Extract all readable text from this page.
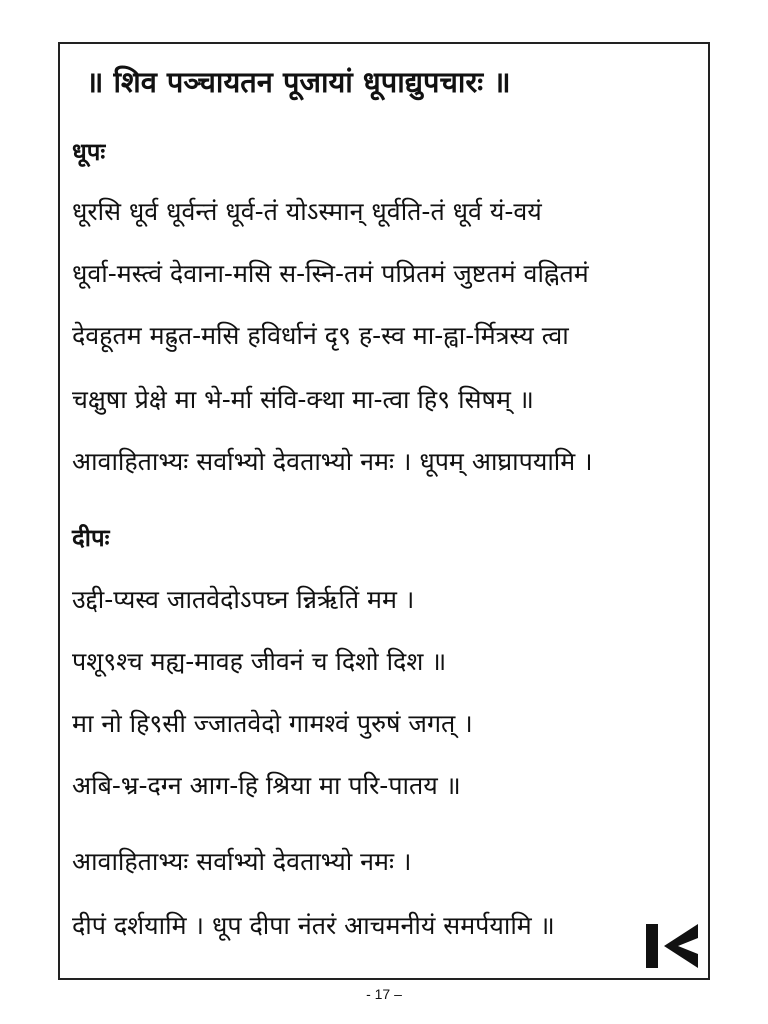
॥ शिव पञ्चायतन पूजायां धूपाद्युपचारः ॥
धूपः
धूरसि धूर्व धूर्वन्तं धूर्व-तं योऽस्मान् धूर्वति-तं धूर्व यं-वयं
धूर्वा-मस्त्वं देवाना-मसि स-स्नि-तमं पप्रितमं जुष्टतमं वह्नितमं
देवहूतम मह्रुत-मसि हविर्धानं दृ९ ह-स्व मा-ह्वा-र्मित्रस्य त्वा
चक्षुषा प्रेक्षे मा भे-र्मा संवि-क्था मा-त्वा हि९ सिषम् ॥
आवाहिताभ्यः सर्वाभ्यो देवताभ्यो नमः । धूपम् आघ्रापयामि ।
दीपः
उद्दी-प्यस्व जातवेदोऽपघ्न न्निरृतिं मम ।
पशू९श्च मह्य-मावह जीवनं च दिशो दिश ॥
मा नो हि९सी ज्जातवेदो गामश्वं पुरुषं जगत् ।
अबि-भ्र-दग्न आग-हि श्रिया मा परि-पातय ॥
आवाहिताभ्यः सर्वाभ्यो देवताभ्यो नमः ।
दीपं दर्शयामि । धूप दीपा नंतरं आचमनीयं समर्पयामि ॥
- 17 –
